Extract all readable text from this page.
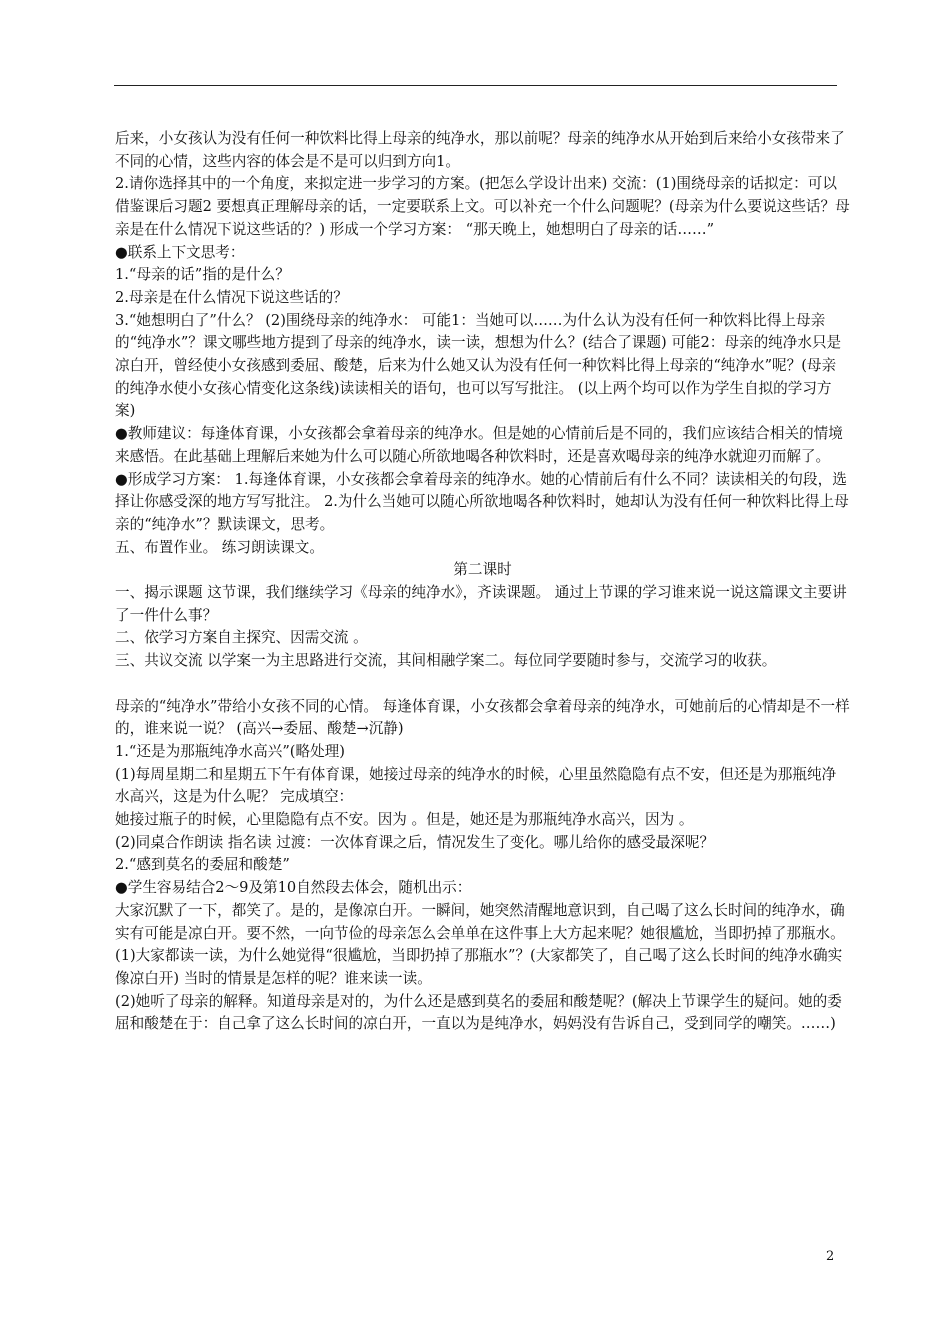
后来，小女孩认为没有任何一种饮料比得上母亲的纯净水，那以前呢？母亲的纯净水从开始到后来给小女孩带来了不同的心情，这些内容的体会是不是可以归到方向1。

2.请你选择其中的一个角度，来拟定进一步学习的方案。(把怎么学设计出来) 交流：(1)围绕母亲的话拟定：可以借鉴课后习题2 要想真正理解母亲的话，一定要联系上文。可以补充一个什么问题呢？(母亲为什么要说这些话？母亲是在什么情况下说这些话的？) 形成一个学习方案： “那天晚上，她想明白了母亲的话……”

●联系上下文思考：

1.“母亲的话”指的是什么？

2.母亲是在什么情况下说这些话的？

3.“她想明白了”什么？ (2)围绕母亲的纯净水： 可能1：当她可以……为什么认为没有任何一种饮料比得上母亲的“纯净水”？课文哪些地方提到了母亲的纯净水，读一读，想想为什么？(结合了课题) 可能2：母亲的纯净水只是凉白开，曾经使小女孩感到委屈、酸楚，后来为什么她又认为没有任何一种饮料比得上母亲的“纯净水”呢？(母亲的纯净水使小女孩心情变化这条线)读读相关的语句，也可以写写批注。 (以上两个均可以作为学生自拟的学习方案)

●教师建议：每逢体育课，小女孩都会拿着母亲的纯净水。但是她的心情前后是不同的，我们应该结合相关的情境来感悟。在此基础上理解后来她为什么可以随心所欲地喝各种饮料时，还是喜欢喝母亲的纯净水就迎刃而解了。

●形成学习方案： 1.每逢体育课，小女孩都会拿着母亲的纯净水。她的心情前后有什么不同？读读相关的句段，选择让你感受深的地方写写批注。 2.为什么当她可以随心所欲地喝各种饮料时，她却认为没有任何一种饮料比得上母亲的“纯净水”？默读课文，思考。

五、布置作业。 练习朗读课文。

第二课时

一、揭示课题 这节课，我们继续学习《母亲的纯净水》，齐读课题。 通过上节课的学习谁来说一说这篇课文主要讲了一件什么事？

二、依学习方案自主探究、因需交流 。

三、共议交流 以学案一为主思路进行交流，其间相融学案二。每位同学要随时参与，交流学习的收获。

母亲的“纯净水”带给小女孩不同的心情。 每逢体育课，小女孩都会拿着母亲的纯净水，可她前后的心情却是不一样的，谁来说一说？ (高兴→委屈、酸楚→沉静)

1.“还是为那瓶纯净水高兴”(略处理)

(1)每周星期二和星期五下午有体育课，她接过母亲的纯净水的时候，心里虽然隐隐有点不安，但还是为那瓶纯净水高兴，这是为什么呢？ 完成填空：

她接过瓶子的时候，心里隐隐有点不安。因为 。但是，她还是为那瓶纯净水高兴，因为 。

(2)同桌合作朗读 指名读 过渡：一次体育课之后，情况发生了变化。哪儿给你的感受最深呢？

2.“感到莫名的委屈和酸楚”

●学生容易结合2～9及第10自然段去体会，随机出示：

大家沉默了一下，都笑了。是的，是像凉白开。一瞬间，她突然清醒地意识到，自己喝了这么长时间的纯净水，确实有可能是凉白开。要不然，一向节俭的母亲怎么会单单在这件事上大方起来呢？她很尴尬，当即扔掉了那瓶水。

(1)大家都读一读，为什么她觉得“很尴尬，当即扔掉了那瓶水”？(大家都笑了，自己喝了这么长时间的纯净水确实像凉白开) 当时的情景是怎样的呢？谁来读一读。

(2)她听了母亲的解释。知道母亲是对的，为什么还是感到莫名的委屈和酸楚呢？(解决上节课学生的疑问。她的委屈和酸楚在于：自己拿了这么长时间的凉白开，一直以为是纯净水，妈妈没有告诉自己，受到同学的嘲笑。……)

2
